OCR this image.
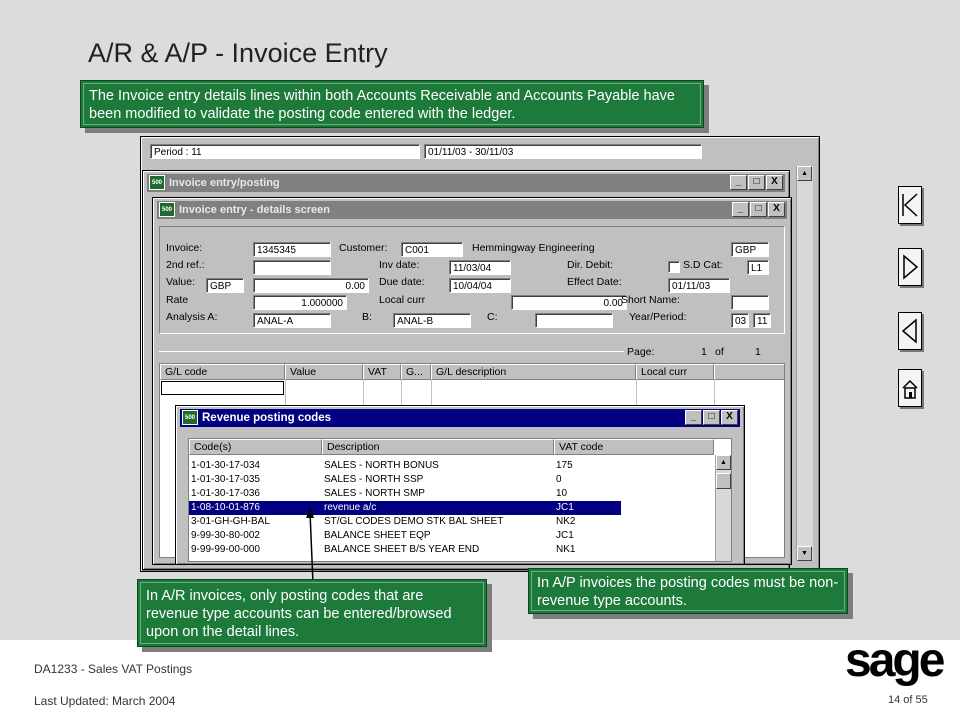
A/R & A/P - Invoice Entry
Period : 11	01/11/03 - 30/11/03
▲
▼
500 Invoice entry/posting	_	□	X
500 Invoice entry - details screen	_	□	X
Invoice:	1345345
2nd ref.:
Value:	GBP	0.00
Rate	1.000000
Analysis A:	ANAL-A
Customer:	C001	Hemmingway Engineering	GBP
Inv date:	11/03/04
Due date:	10/04/04
Local curr	0.00
B:	ANAL-B	C:
Dir. Debit:	S.D Cat:	L1
Effect Date:	01/11/03
Short Name:
Year/Period:	03	11
Page:	1 of	1
G/L code	Value	VAT	G...	G/L description	Local curr
500 Revenue posting codes	_	□	X
Code(s)	Description	VAT code
1-01-30-17-034	SALES - NORTH BONUS	175
1-01-30-17-035	SALES - NORTH SSP	0
1-01-30-17-036	SALES - NORTH SMP	10
1-08-10-01-876	revenue a/c	JC1
3-01-GH-GH-BAL	ST/GL CODES DEMO STK BAL SHEET	NK2
9-99-30-80-002	BALANCE SHEET EQP	JC1
9-99-99-00-000	BALANCE SHEET B/S YEAR END	NK1
▲
The Invoice entry details lines within both Accounts Receivable and Accounts Payable have been modified to validate the posting code entered with the ledger.
In A/R invoices, only posting codes that are revenue type accounts can be entered/browsed upon on the detail lines.
In A/P invoices the posting codes must be non-revenue type accounts.
DA1233 - Sales VAT Postings
Last Updated: March 2004	14 of 55
sage
